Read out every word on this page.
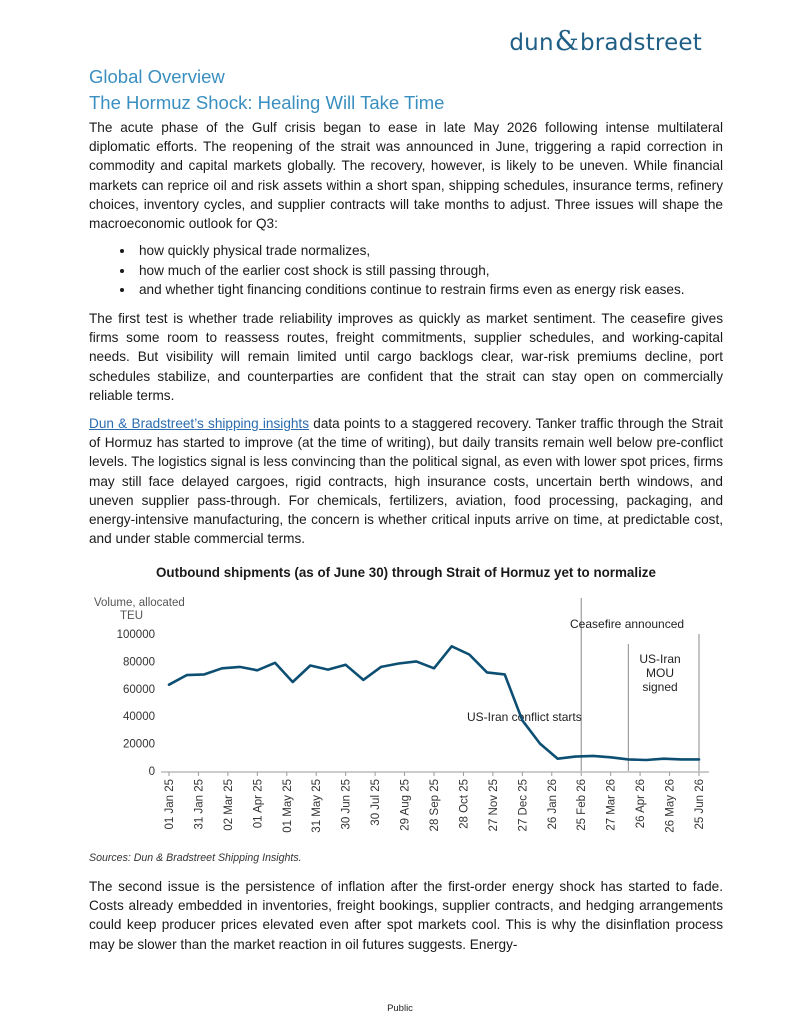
dun&bradstreet
Global Overview
The Hormuz Shock: Healing Will Take Time

The acute phase of the Gulf crisis began to ease in late May 2026 following intense multilateral diplomatic efforts. The reopening of the strait was announced in June, triggering a rapid correction in commodity and capital markets globally. The recovery, however, is likely to be uneven. While financial markets can reprice oil and risk assets within a short span, shipping schedules, insurance terms, refinery choices, inventory cycles, and supplier contracts will take months to adjust. Three issues will shape the macroeconomic outlook for Q3:

• how quickly physical trade normalizes,
• how much of the earlier cost shock is still passing through,
• and whether tight financing conditions continue to restrain firms even as energy risk eases.

The first test is whether trade reliability improves as quickly as market sentiment. The ceasefire gives firms some room to reassess routes, freight commitments, supplier schedules, and working-capital needs. But visibility will remain limited until cargo backlogs clear, war-risk premiums decline, port schedules stabilize, and counterparties are confident that the strait can stay open on commercially reliable terms.

Dun & Bradstreet’s shipping insights data points to a staggered recovery. Tanker traffic through the Strait of Hormuz has started to improve (at the time of writing), but daily transits remain well below pre-conflict levels. The logistics signal is less convincing than the political signal, as even with lower spot prices, firms may still face delayed cargoes, rigid contracts, high insurance costs, uncertain berth windows, and uneven supplier pass-through. For chemicals, fertilizers, aviation, food processing, packaging, and energy-intensive manufacturing, the concern is whether critical inputs arrive on time, at predictable cost, and under stable commercial terms.

Outbound shipments (as of June 30) through Strait of Hormuz yet to normalize
Volume, allocated
TEU
100000
80000
60000
40000
20000
0
01 Jan 25 31 Jan 25 02 Mar 25 01 Apr 25 01 May 25 31 May 25 30 Jun 25 30 Jul 25 29 Aug 25 28 Sep 25 28 Oct 25 27 Nov 25 27 Dec 25 26 Jan 26 25 Feb 26 27 Mar 26 26 Apr 26 26 May 26 25 Jun 26
Ceasefire announced
US-Iran conflict starts
US-Iran
MOU
signed
Sources: Dun & Bradstreet Shipping Insights.

The second issue is the persistence of inflation after the first-order energy shock has started to fade. Costs already embedded in inventories, freight bookings, supplier contracts, and hedging arrangements could keep producer prices elevated even after spot markets cool. This is why the disinflation process may be slower than the market reaction in oil futures suggests. Energy-

Public
